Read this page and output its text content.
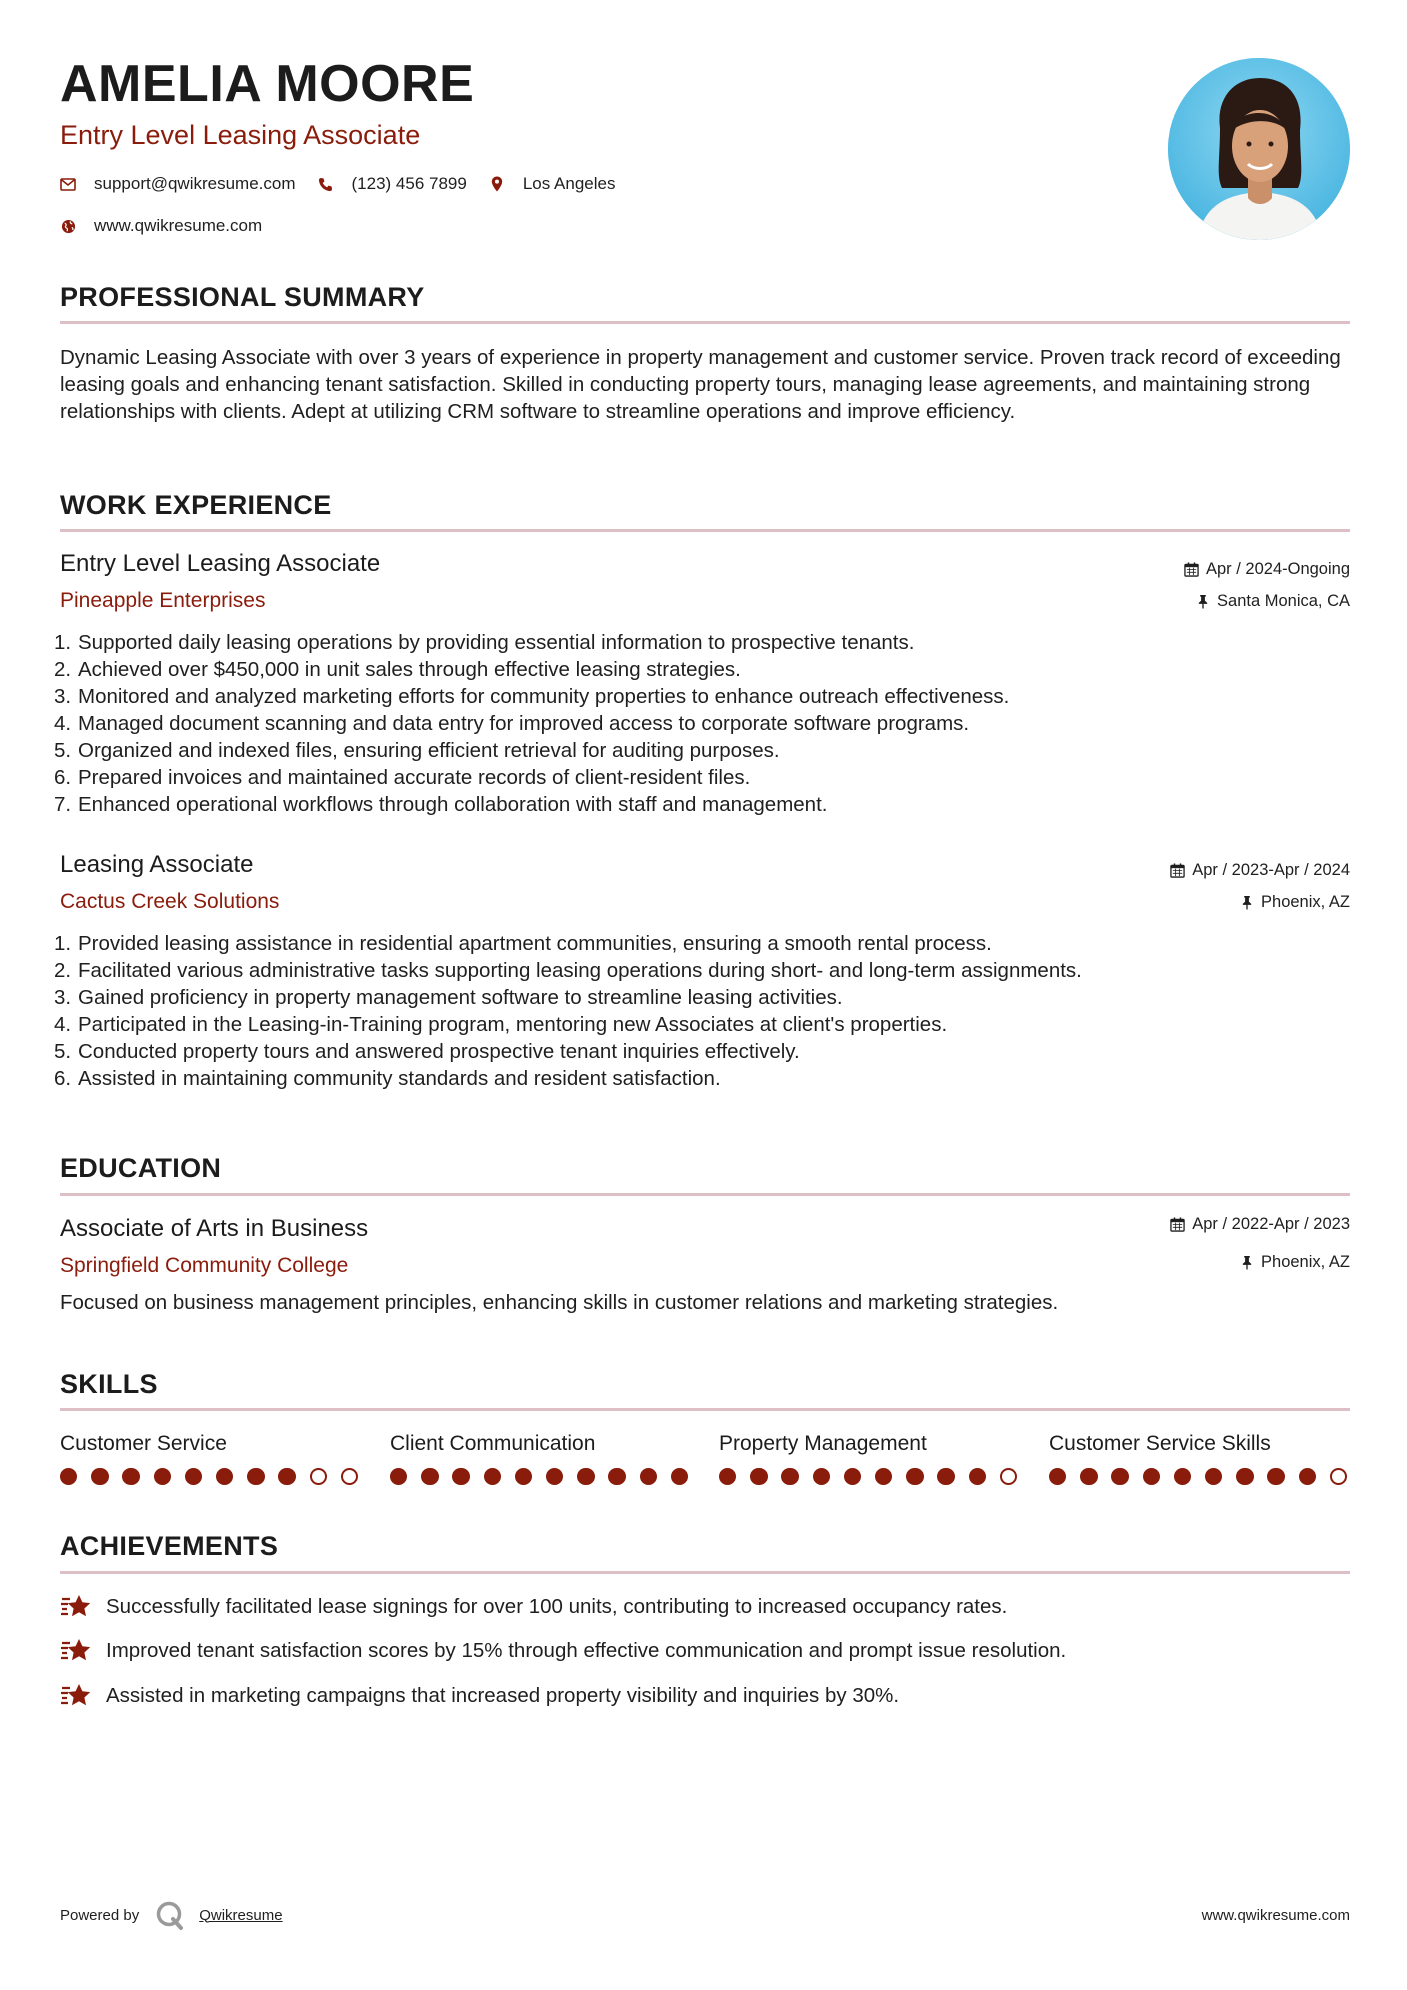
AMELIA MOORE
Entry Level Leasing Associate
support@qwikresume.com	(123) 456 7899	Los Angeles
www.qwikresume.com
PROFESSIONAL SUMMARY
Dynamic Leasing Associate with over 3 years of experience in property management and customer service. Proven track record of exceeding leasing goals and enhancing tenant satisfaction. Skilled in conducting property tours, managing lease agreements, and maintaining strong relationships with clients. Adept at utilizing CRM software to streamline operations and improve efficiency.
WORK EXPERIENCE
Entry Level Leasing Associate
Pineapple Enterprises
Apr / 2024-Ongoing
Santa Monica, CA
1. Supported daily leasing operations by providing essential information to prospective tenants.
2. Achieved over $450,000 in unit sales through effective leasing strategies.
3. Monitored and analyzed marketing efforts for community properties to enhance outreach effectiveness.
4. Managed document scanning and data entry for improved access to corporate software programs.
5. Organized and indexed files, ensuring efficient retrieval for auditing purposes.
6. Prepared invoices and maintained accurate records of client-resident files.
7. Enhanced operational workflows through collaboration with staff and management.
Leasing Associate
Cactus Creek Solutions
Apr / 2023-Apr / 2024
Phoenix, AZ
1. Provided leasing assistance in residential apartment communities, ensuring a smooth rental process.
2. Facilitated various administrative tasks supporting leasing operations during short- and long-term assignments.
3. Gained proficiency in property management software to streamline leasing activities.
4. Participated in the Leasing-in-Training program, mentoring new Associates at client's properties.
5. Conducted property tours and answered prospective tenant inquiries effectively.
6. Assisted in maintaining community standards and resident satisfaction.
EDUCATION
Associate of Arts in Business
Springfield Community College
Apr / 2022-Apr / 2023
Phoenix, AZ
Focused on business management principles, enhancing skills in customer relations and marketing strategies.
SKILLS
Customer Service	Client Communication	Property Management	Customer Service Skills
ACHIEVEMENTS
Successfully facilitated lease signings for over 100 units, contributing to increased occupancy rates.
Improved tenant satisfaction scores by 15% through effective communication and prompt issue resolution.
Assisted in marketing campaigns that increased property visibility and inquiries by 30%.
Powered by	Qwikresume	www.qwikresume.com
